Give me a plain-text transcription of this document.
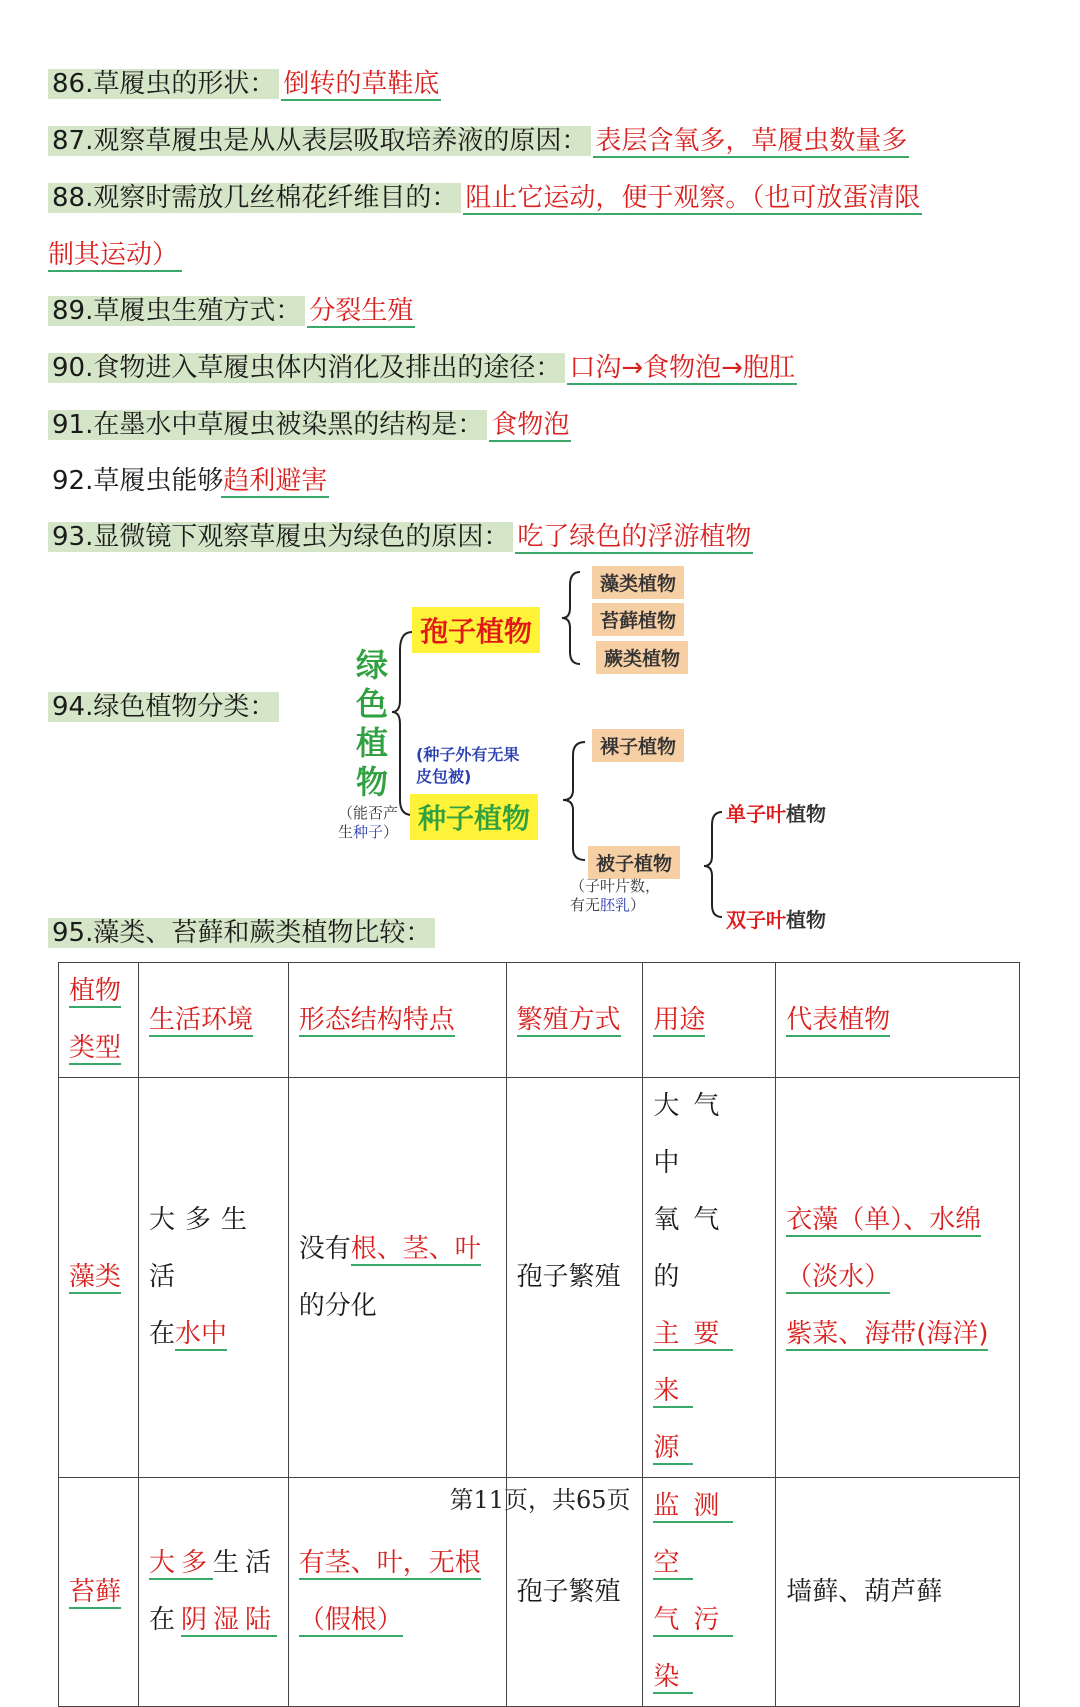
86.草履虫的形状： 倒转的草鞋底
87.观察草履虫是从从表层吸取培养液的原因： 表层含氧多，草履虫数量多
88.观察时需放几丝棉花纤维目的： 阻止它运动，便于观察。（也可放蛋清限
制其运动）
89.草履虫生殖方式： 分裂生殖
90.食物进入草履虫体内消化及排出的途径： 口沟→食物泡→胞肛
91.在墨水中草履虫被染黑的结构是： 食物泡
92.草履虫能够趋利避害
93.显微镜下观察草履虫为绿色的原因： 吃了绿色的浮游植物
94.绿色植物分类：
绿色植物
（能否产
生种子）
孢子植物
藻类植物
苔藓植物
蕨类植物
(种子外有无果
皮包被)
种子植物
裸子植物
被子植物
（子叶片数，
有无胚乳）
单子叶植物
双子叶植物
95.藻类、苔藓和蕨类植物比较：
植物
类型	生活环境	形态结构特点	繁殖方式	用途	代表植物
藻类	大多生活
在水中	没有根、茎、叶
的分化	孢子繁殖	大气中
氧气的
主要来
源	衣藻（单）、水绵
（淡水）
紫菜、海带(海洋)
苔藓	大多生活
在阴湿陆	有茎、叶，无根
（假根）	孢子繁殖	监测空
气污染	墙藓、葫芦藓
第11页，共65页
